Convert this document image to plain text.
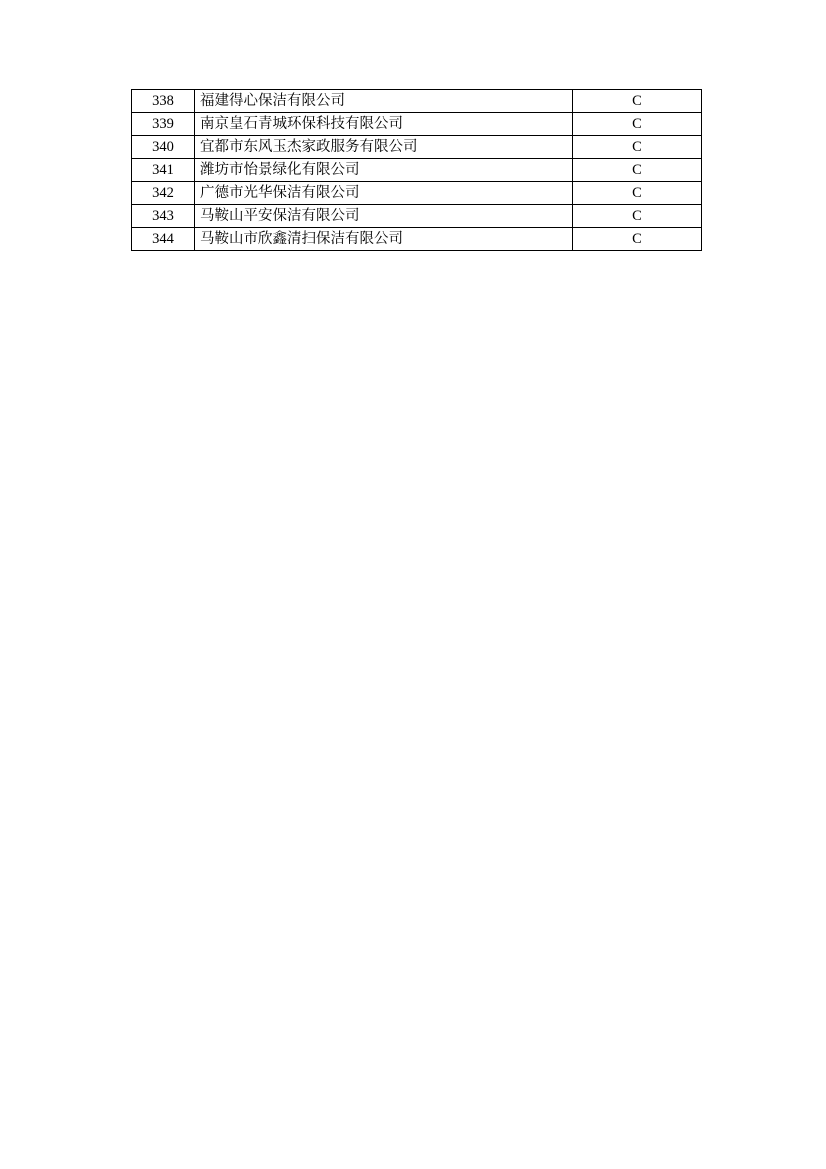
338	福建得心保洁有限公司	C
339	南京皇石青城环保科技有限公司	C
340	宜都市东风玉杰家政服务有限公司	C
341	潍坊市怡景绿化有限公司	C
342	广德市光华保洁有限公司	C
343	马鞍山平安保洁有限公司	C
344	马鞍山市欣鑫清扫保洁有限公司	C
